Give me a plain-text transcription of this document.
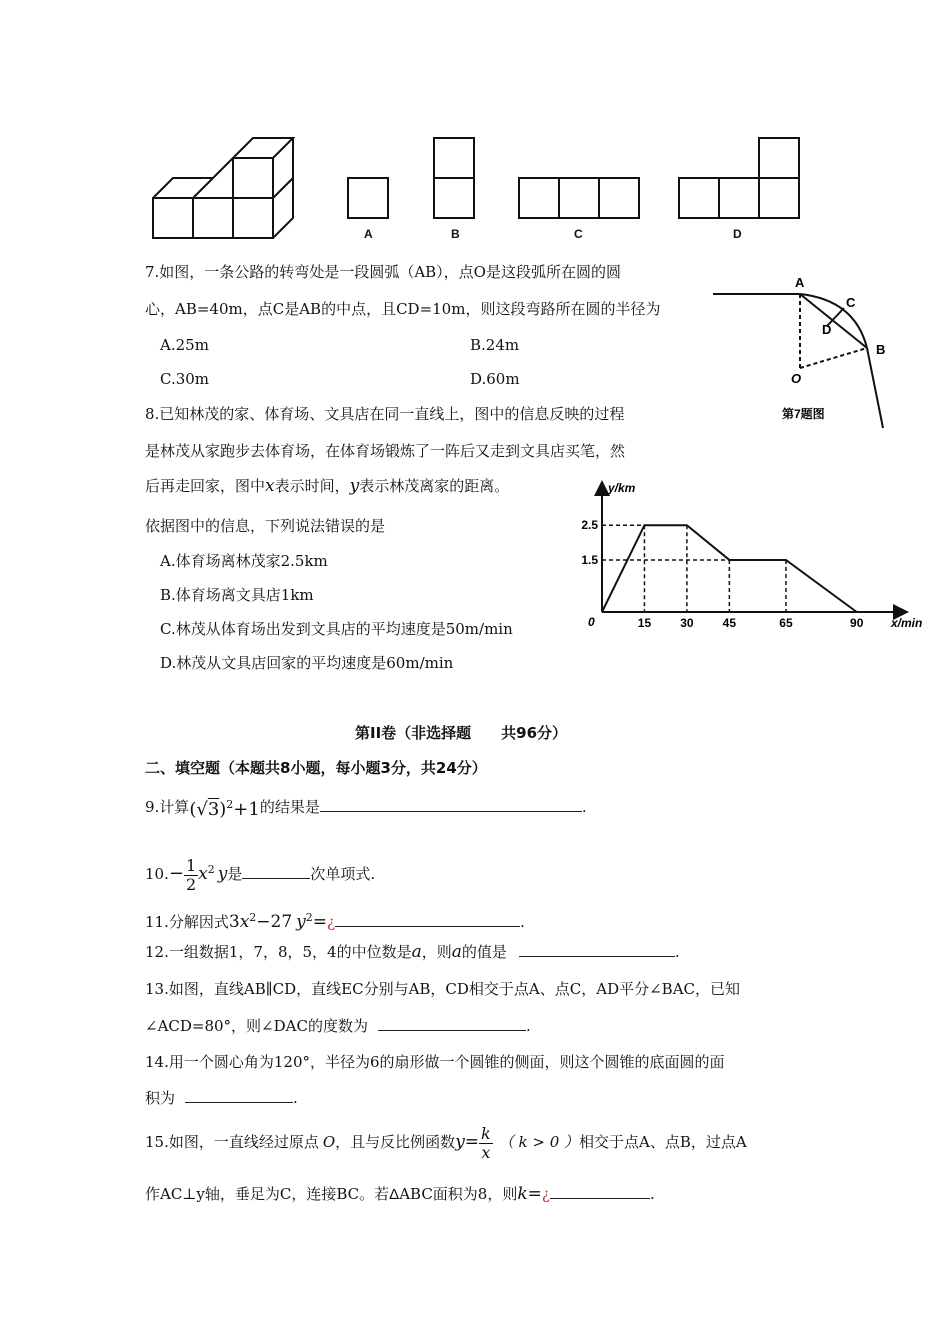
A	B	C	D
7.如图，一条公路的转弯处是一段圆弧（AB），点O是这段弧所在圆的圆
心，AB=40m，点C是AB的中点，且CD=10m，则这段弯路所在圆的半径为
A.25m	B.24m
C.30m	D.60m
A
C
D
B
O
第7题图
8.已知林茂的家、体育场、文具店在同一直线上，图中的信息反映的过程
是林茂从家跑步去体育场，在体育场锻炼了一阵后又走到文具店买笔，然
后再走回家，图中x表示时间，y表示林茂离家的距离。
依据图中的信息，下列说法错误的是
A.体育场离林茂家2.5km
B.体育场离文具店1km
C.林茂从体育场出发到文具店的平均速度是50m/min
D.林茂从文具店回家的平均速度是60m/min
x/min
y/km
0	15 30 45	65	90
2.5
1.5
第II卷（非选择题　　共96分）
二、填空题（本题共8小题，每小题3分，共24分）
9.计算$(√3)^2+1$的结果是	.
$10.- \frac{1}{2} x^2$ y是	次单项式.
11.分解因式$3x^2-27$ $y^2=¿$	.
12.一组数据1，7，8，5，4的中位数是a，则a的值是	.
13.如图，直线AB∥CD，直线EC分别与AB，CD相交于点A、点C，AD平分∠BAC，已知
∠ACD=80°，则∠DAC的度数为	.
14.用一个圆心角为120°，半径为6的扇形做一个圆锥的侧面，则这个圆锥的底面圆的面
积为	.
15.如图，一直线经过原点 O，且与反比例函数$y= \frac{k}{x}$ （ k > 0 ）相交于点A、点B，过点A
作AC⊥y轴，垂足为C，连接BC。若ΔABC面积为8，则k=¿	.
